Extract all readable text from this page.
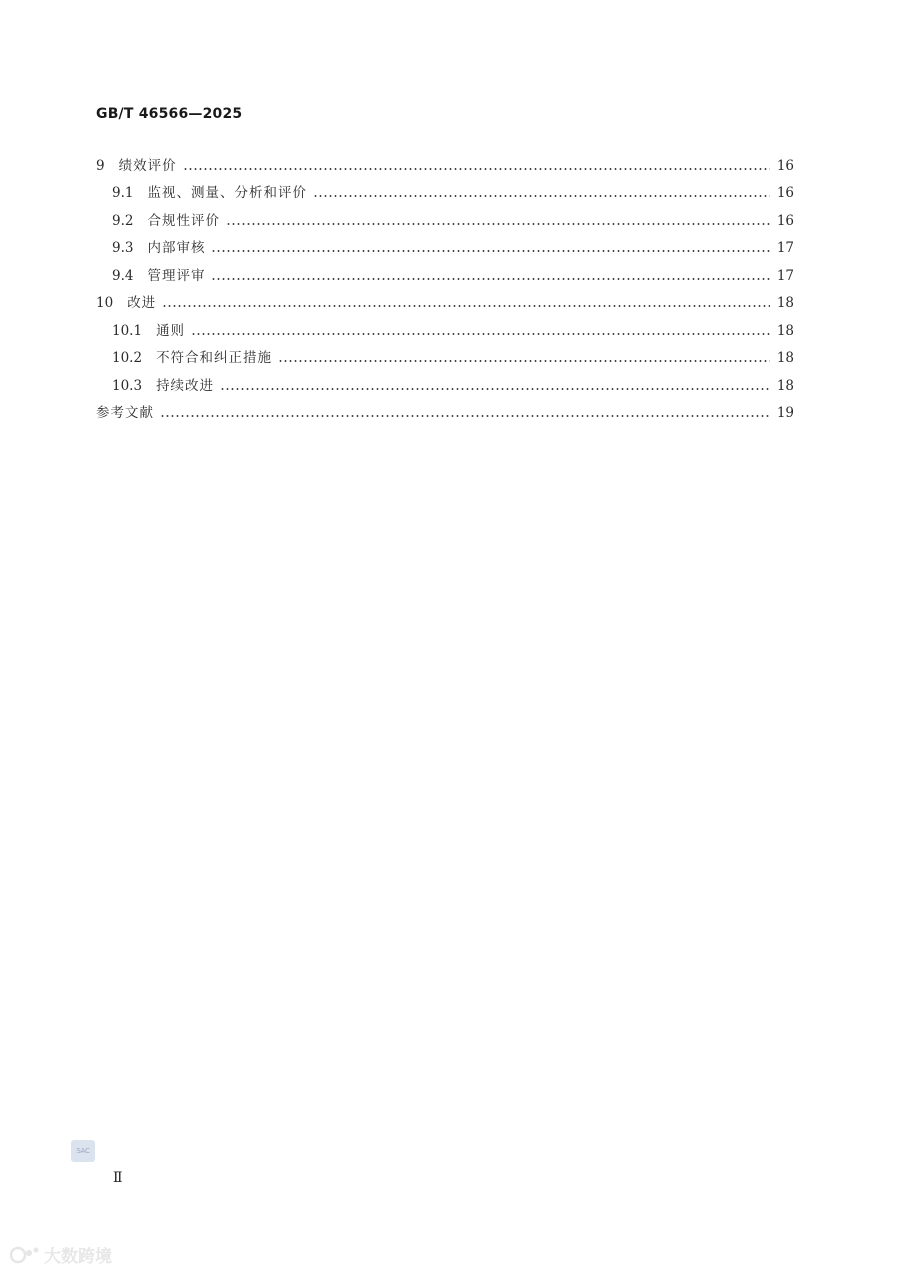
GB/T 46566—2025
9 绩效评价	16
9.1 监视、测量、分析和评价	16
9.2 合规性评价	16
9.3 内部审核	17
9.4 管理评审	17
10 改进	18
10.1 通则	18
10.2 不符合和纠正措施	18
10.3 持续改进	18
参考文献	19
SAC
Ⅱ
大数跨境
